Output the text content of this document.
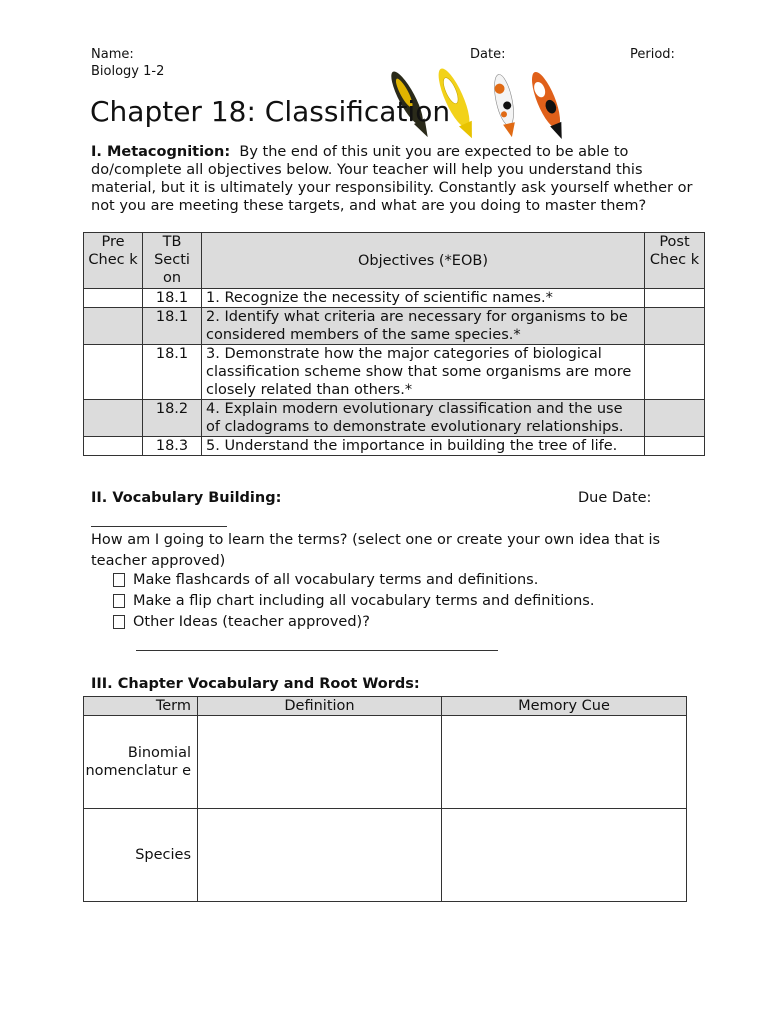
Name:
Biology 1-2
Date:	Period:
Chapter 18: Classification
I. Metacognition: By the end of this unit you are expected to be able to do/complete all objectives below. Your teacher will help you understand this material, but it is ultimately your responsibility. Constantly ask yourself whether or not you are meeting these targets, and what are you doing to master them?
Pre Chec k	TB Secti on	Objectives (*EOB)	Post Chec k
	18.1	1. Recognize the necessity of scientific names.*	
	18.1	2. Identify what criteria are necessary for organisms to be considered members of the same species.*	
	18.1	3. Demonstrate how the major categories of biological classification scheme show that some organisms are more closely related than others.*	
	18.2	4. Explain modern evolutionary classification and the use of cladograms to demonstrate evolutionary relationships.	
	18.3	5. Understand the importance in building the tree of life.	
II. Vocabulary Building:	Due Date:
How am I going to learn the terms? (select one or create your own idea that is teacher approved)
Make flashcards of all vocabulary terms and definitions.
Make a flip chart including all vocabulary terms and definitions.
Other Ideas (teacher approved)?
III. Chapter Vocabulary and Root Words:
Term	Definition	Memory Cue
Binomial nomenclatur e		
Species		
